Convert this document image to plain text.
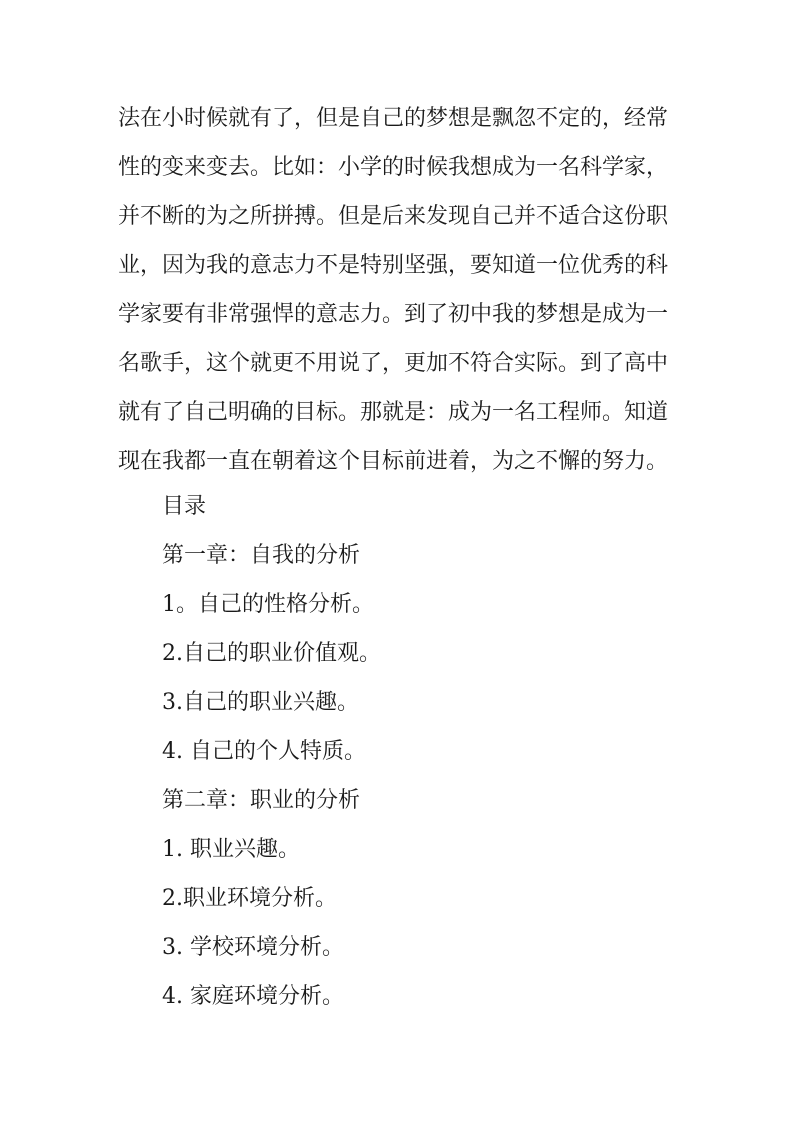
法在小时候就有了，但是自己的梦想是飘忽不定的，经常
性的变来变去。比如：小学的时候我想成为一名科学家，
并不断的为之所拼搏。但是后来发现自己并不适合这份职
业，因为我的意志力不是特别坚强，要知道一位优秀的科
学家要有非常强悍的意志力。到了初中我的梦想是成为一
名歌手，这个就更不用说了，更加不符合实际。到了高中
就有了自己明确的目标。那就是：成为一名工程师。知道
现在我都一直在朝着这个目标前进着，为之不懈的努力。
目录
第一章：自我的分析
1。自己的性格分析。
2.自己的职业价值观。
3.自己的职业兴趣。
4. 自己的个人特质。
第二章：职业的分析
1. 职业兴趣。
2.职业环境分析。
3. 学校环境分析。
4. 家庭环境分析。
